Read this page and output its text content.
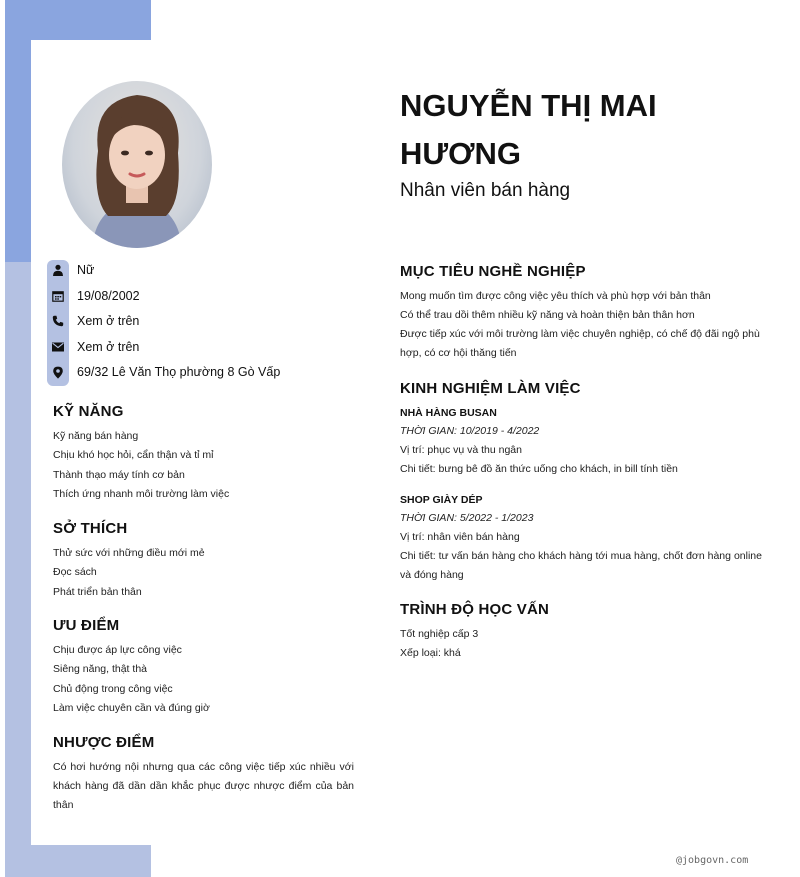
Nữ
19/08/2002
Xem ở trên
Xem ở trên
69/32 Lê Văn Thọ phường 8 Gò Vấp
KỸ NĂNG
Kỹ năng bán hàng
Chịu khó học hỏi, cẩn thận và tỉ mỉ
Thành thạo máy tính cơ bản
Thích ứng nhanh môi trường làm việc
SỞ THÍCH
Thử sức với những điều mới mẻ
Đọc sách
Phát triển bản thân
ƯU ĐIỂM
Chịu được áp lực công việc
Siêng năng, thật thà
Chủ động trong công việc
Làm việc chuyên cần và đúng giờ
NHƯỢC ĐIỂM

Có hơi hướng nội nhưng qua các công việc tiếp xúc nhiều với khách hàng đã dần dần khắc phục được nhược điểm của bản thân

NGUYỄN THỊ MAI HƯƠNG

Nhân viên bán hàng

MỤC TIÊU NGHỀ NGHIỆP
Mong muốn tìm được công việc yêu thích và phù hợp với bản thân
Có thể trau dồi thêm nhiều kỹ năng và hoàn thiện bản thân hơn

Được tiếp xúc với môi trường làm việc chuyên nghiệp, có chế độ đãi ngộ phù hợp, có cơ hội thăng tiến

KINH NGHIỆM LÀM VIỆC

NHÀ HÀNG BUSAN

THỜI GIAN: 10/2019 - 4/2022

Vị trí: phục vụ và thu ngân
Chi tiết: bưng bê đồ ăn thức uống cho khách, in bill tính tiền

SHOP GIÀY DÉP

THỜI GIAN: 5/2022 - 1/2023

Vị trí: nhân viên bán hàng

Chi tiết: tư vấn bán hàng cho khách hàng tới mua hàng, chốt đơn hàng online và đóng hàng

TRÌNH ĐỘ HỌC VẤN
Tốt nghiệp cấp 3
Xếp loại: khá
@jobgovn.com
